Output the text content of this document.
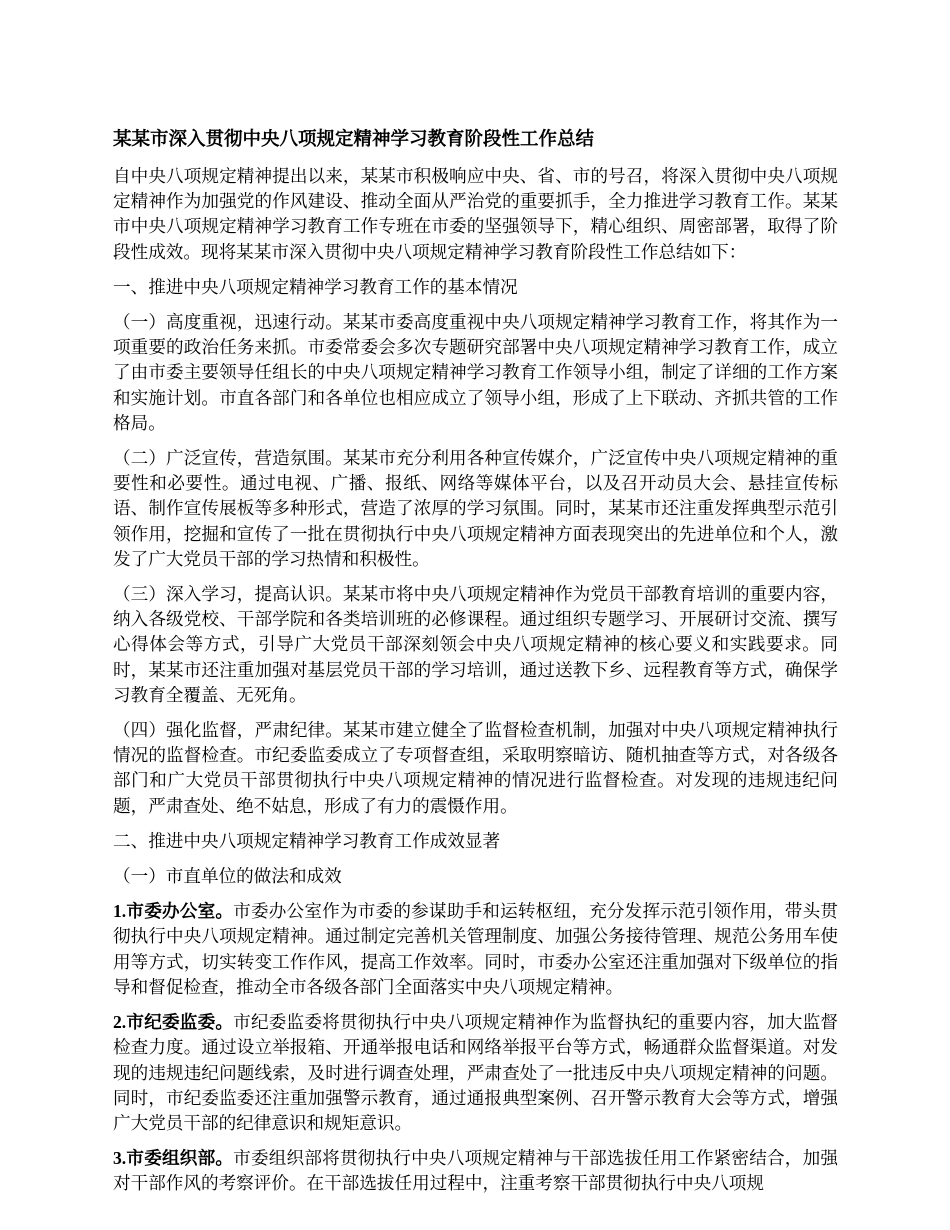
某某市深入贯彻中央八项规定精神学习教育阶段性工作总结

自中央八项规定精神提出以来，某某市积极响应中央、省、市的号召，将深入贯彻中央八项规定精神作为加强党的作风建设、推动全面从严治党的重要抓手，全力推进学习教育工作。某某市中央八项规定精神学习教育工作专班在市委的坚强领导下，精心组织、周密部署，取得了阶段性成效。现将某某市深入贯彻中央八项规定精神学习教育阶段性工作总结如下：

一、推进中央八项规定精神学习教育工作的基本情况

（一）高度重视，迅速行动。某某市委高度重视中央八项规定精神学习教育工作，将其作为一项重要的政治任务来抓。市委常委会多次专题研究部署中央八项规定精神学习教育工作，成立了由市委主要领导任组长的中央八项规定精神学习教育工作领导小组，制定了详细的工作方案和实施计划。市直各部门和各单位也相应成立了领导小组，形成了上下联动、齐抓共管的工作格局。

（二）广泛宣传，营造氛围。某某市充分利用各种宣传媒介，广泛宣传中央八项规定精神的重要性和必要性。通过电视、广播、报纸、网络等媒体平台，以及召开动员大会、悬挂宣传标语、制作宣传展板等多种形式，营造了浓厚的学习氛围。同时，某某市还注重发挥典型示范引领作用，挖掘和宣传了一批在贯彻执行中央八项规定精神方面表现突出的先进单位和个人，激发了广大党员干部的学习热情和积极性。

（三）深入学习，提高认识。某某市将中央八项规定精神作为党员干部教育培训的重要内容，纳入各级党校、干部学院和各类培训班的必修课程。通过组织专题学习、开展研讨交流、撰写心得体会等方式，引导广大党员干部深刻领会中央八项规定精神的核心要义和实践要求。同时，某某市还注重加强对基层党员干部的学习培训，通过送教下乡、远程教育等方式，确保学习教育全覆盖、无死角。

（四）强化监督，严肃纪律。某某市建立健全了监督检查机制，加强对中央八项规定精神执行情况的监督检查。市纪委监委成立了专项督查组，采取明察暗访、随机抽查等方式，对各级各部门和广大党员干部贯彻执行中央八项规定精神的情况进行监督检查。对发现的违规违纪问题，严肃查处、绝不姑息，形成了有力的震慑作用。

二、推进中央八项规定精神学习教育工作成效显著

（一）市直单位的做法和成效

1.市委办公室。市委办公室作为市委的参谋助手和运转枢纽，充分发挥示范引领作用，带头贯彻执行中央八项规定精神。通过制定完善机关管理制度、加强公务接待管理、规范公务用车使用等方式，切实转变工作作风，提高工作效率。同时，市委办公室还注重加强对下级单位的指导和督促检查，推动全市各级各部门全面落实中央八项规定精神。

2.市纪委监委。市纪委监委将贯彻执行中央八项规定精神作为监督执纪的重要内容，加大监督检查力度。通过设立举报箱、开通举报电话和网络举报平台等方式，畅通群众监督渠道。对发现的违规违纪问题线索，及时进行调查处理，严肃查处了一批违反中央八项规定精神的问题。同时，市纪委监委还注重加强警示教育，通过通报典型案例、召开警示教育大会等方式，增强广大党员干部的纪律意识和规矩意识。

3.市委组织部。市委组织部将贯彻执行中央八项规定精神与干部选拔任用工作紧密结合，加强对干部作风的考察评价。在干部选拔任用过程中，注重考察干部贯彻执行中央八项规
